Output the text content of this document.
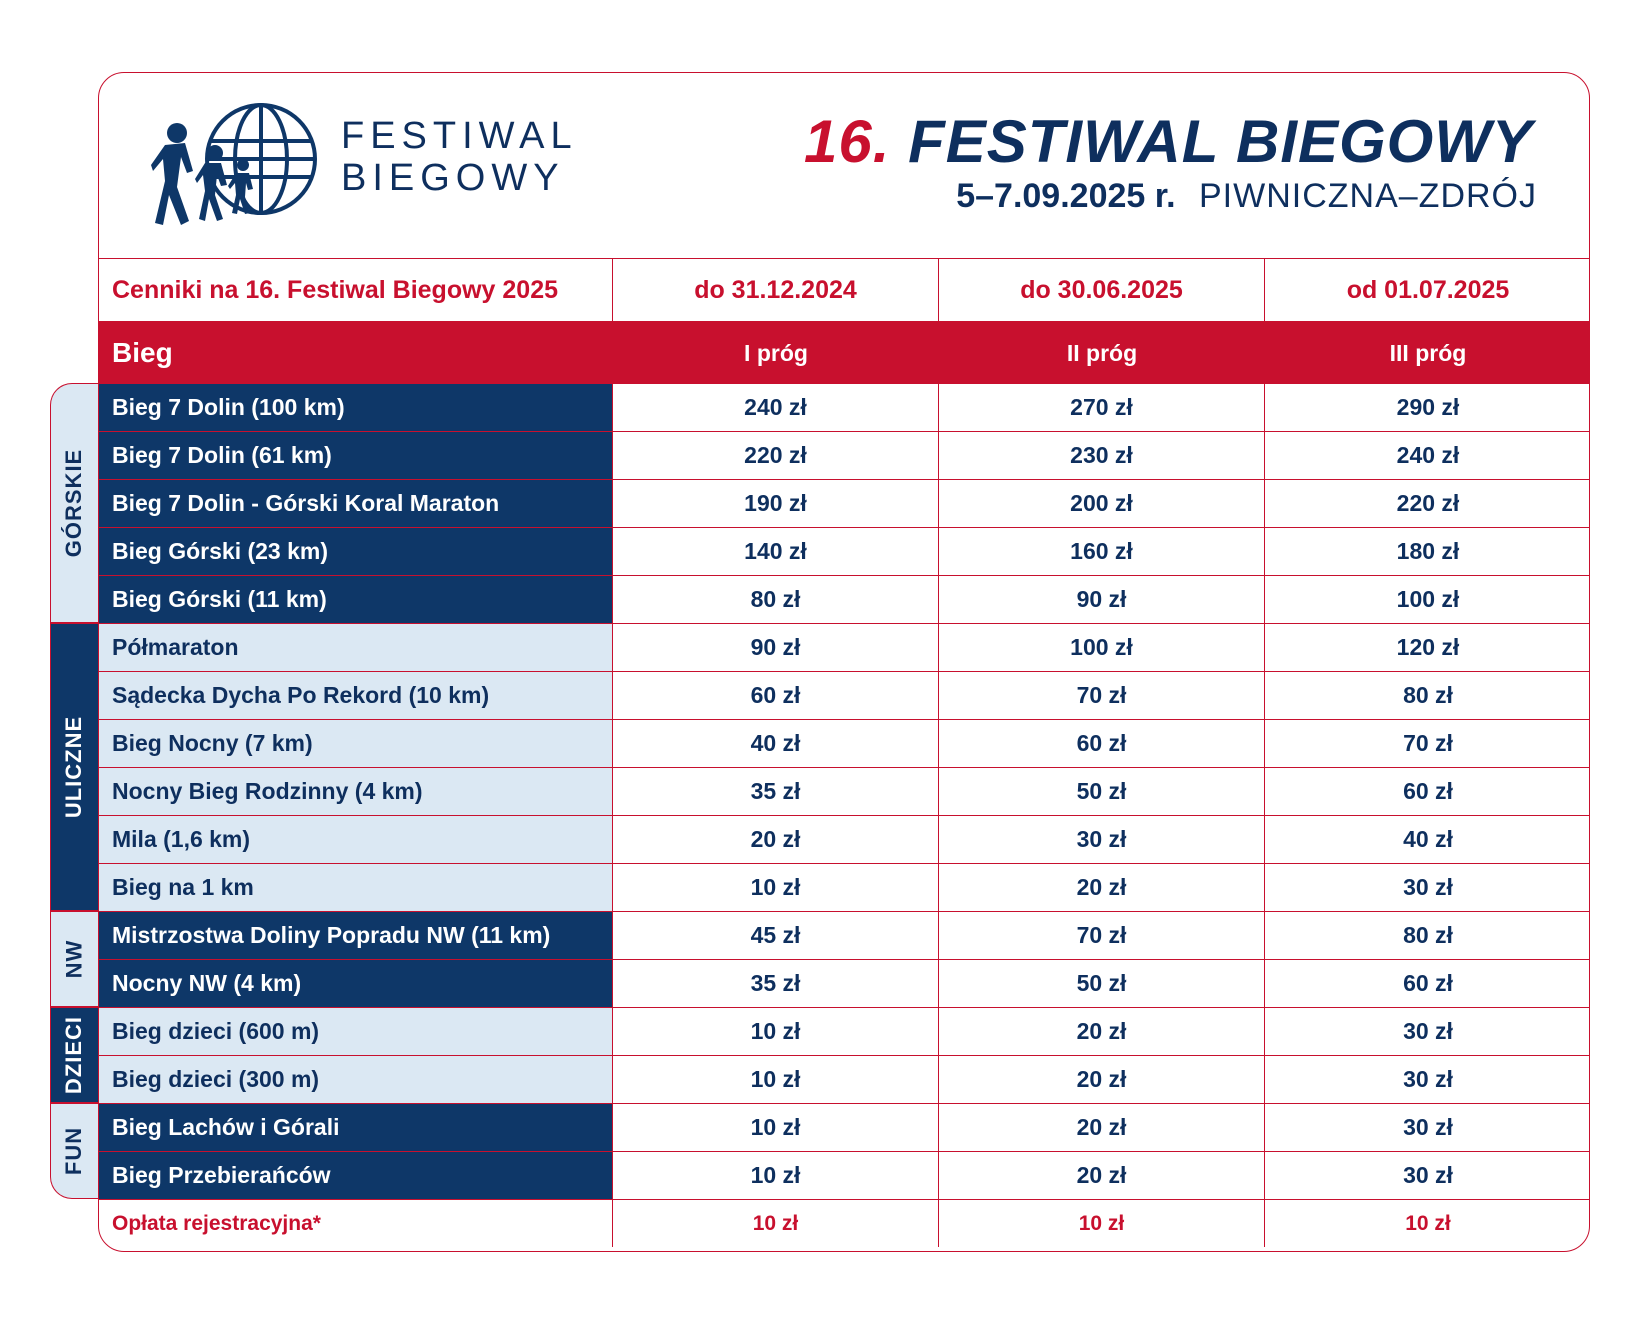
FESTIWAL
BIEGOWY
16. FESTIWAL BIEGOWY
5–7.09.2025 r. PIWNICZNA–ZDRÓJ
Cenniki na 16. Festiwal Biegowy 2025	do 31.12.2024	do 30.06.2025	od 01.07.2025
Bieg	I próg	II próg	III próg
Bieg 7 Dolin (100 km)	240 zł	270 zł	290 zł
Bieg 7 Dolin (61 km)	220 zł	230 zł	240 zł
Bieg 7 Dolin - Górski Koral Maraton	190 zł	200 zł	220 zł
Bieg Górski (23 km)	140 zł	160 zł	180 zł
Bieg Górski (11 km)	80 zł	90 zł	100 zł
Półmaraton	90 zł	100 zł	120 zł
Sądecka Dycha Po Rekord (10 km)	60 zł	70 zł	80 zł
Bieg Nocny (7 km)	40 zł	60 zł	70 zł
Nocny Bieg Rodzinny (4 km)	35 zł	50 zł	60 zł
Mila (1,6 km)	20 zł	30 zł	40 zł
Bieg na 1 km	10 zł	20 zł	30 zł
Mistrzostwa Doliny Popradu NW (11 km)	45 zł	70 zł	80 zł
Nocny NW (4 km)	35 zł	50 zł	60 zł
Bieg dzieci (600 m)	10 zł	20 zł	30 zł
Bieg dzieci (300 m)	10 zł	20 zł	30 zł
Bieg Lachów i Górali	10 zł	20 zł	30 zł
Bieg Przebierańców	10 zł	20 zł	30 zł
Opłata rejestracyjna*	10 zł	10 zł	10 zł
GÓRSKIE
ULICZNE
NW
DZIECI
FUN
